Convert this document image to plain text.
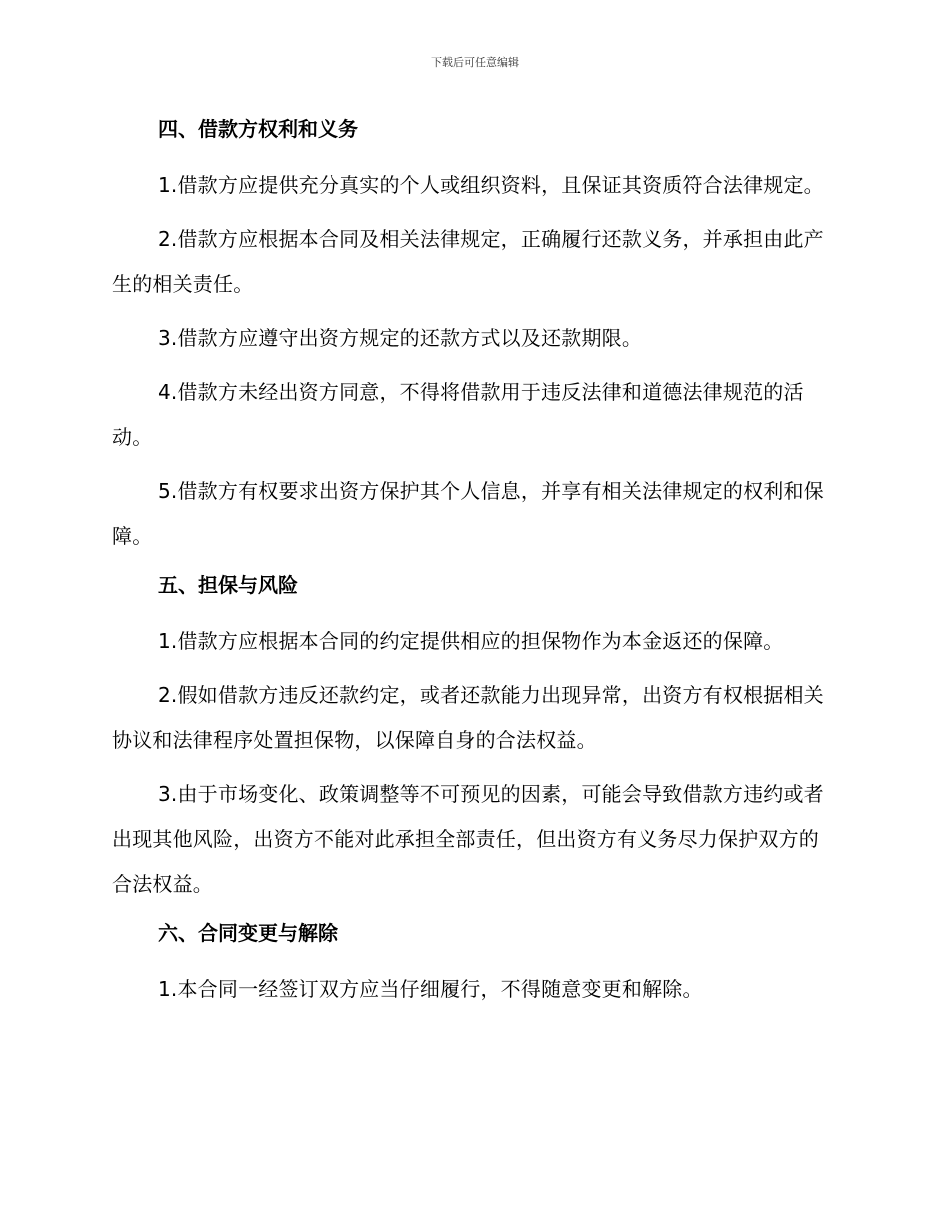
下载后可任意编辑
四、借款方权利和义务

1.借款方应提供充分真实的个人或组织资料，且保证其资质符合法律规定。

2.借款方应根据本合同及相关法律规定，正确履行还款义务，并承担由此产生的相关责任。

3.借款方应遵守出资方规定的还款方式以及还款期限。

4.借款方未经出资方同意，不得将借款用于违反法律和道德法律规范的活动。

5.借款方有权要求出资方保护其个人信息，并享有相关法律规定的权利和保障。

五、担保与风险

1.借款方应根据本合同的约定提供相应的担保物作为本金返还的保障。

2.假如借款方违反还款约定，或者还款能力出现异常，出资方有权根据相关协议和法律程序处置担保物，以保障自身的合法权益。

3.由于市场变化、政策调整等不可预见的因素，可能会导致借款方违约或者出现其他风险，出资方不能对此承担全部责任，但出资方有义务尽力保护双方的合法权益。

六、合同变更与解除

1.本合同一经签订双方应当仔细履行，不得随意变更和解除。
